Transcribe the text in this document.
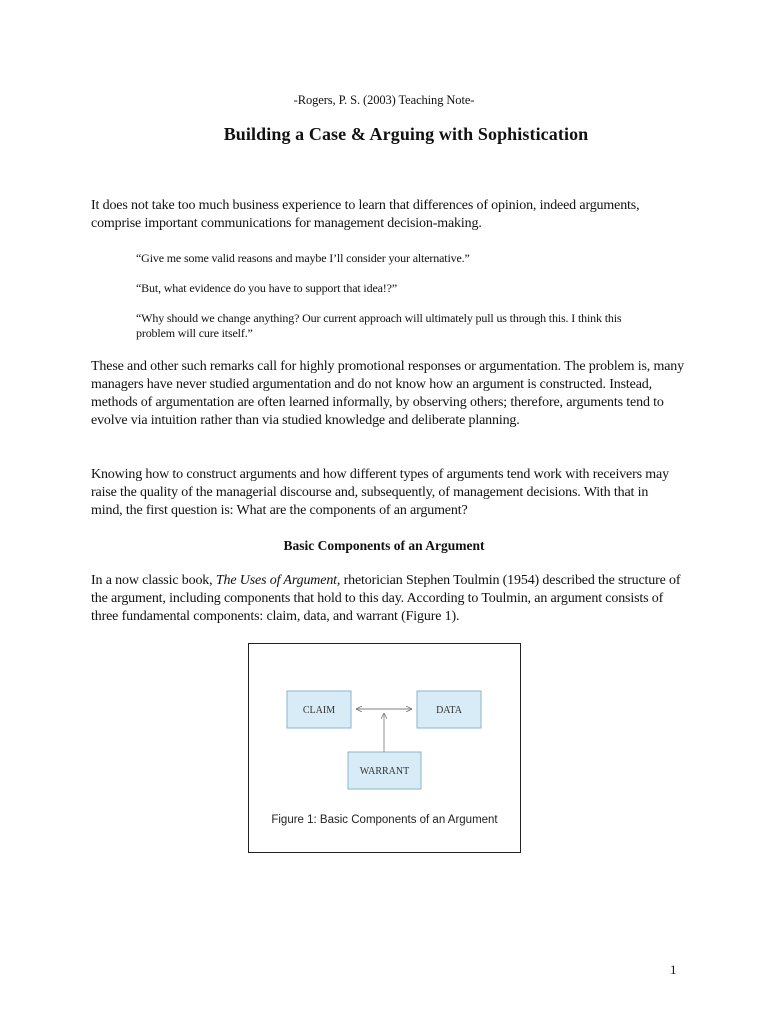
-Rogers, P. S. (2003) Teaching Note-
Building a Case & Arguing with Sophistication
It does not take too much business experience to learn that differences of opinion, indeed arguments, comprise important communications for management decision-making.
“Give me some valid reasons and maybe I’ll consider your alternative.”
“But, what evidence do you have to support that idea!?”
“Why should we change anything? Our current approach will ultimately pull us through this. I think this problem will cure itself.”
These and other such remarks call for highly promotional responses or argumentation. The problem is, many managers have never studied argumentation and do not know how an argument is constructed. Instead, methods of argumentation are often learned informally, by observing others; therefore, arguments tend to evolve via intuition rather than via studied knowledge and deliberate planning.
Knowing how to construct arguments and how different types of arguments tend work with receivers may raise the quality of the managerial discourse and, subsequently, of management decisions. With that in mind, the first question is: What are the components of an argument?
Basic Components of an Argument
In a now classic book, The Uses of Argument, rhetorician Stephen Toulmin (1954) described the structure of the argument, including components that hold to this day. According to Toulmin, an argument consists of three fundamental components: claim, data, and warrant (Figure 1).
CLAIM	DATA
WARRANT
Figure 1: Basic Components of an Argument
1
